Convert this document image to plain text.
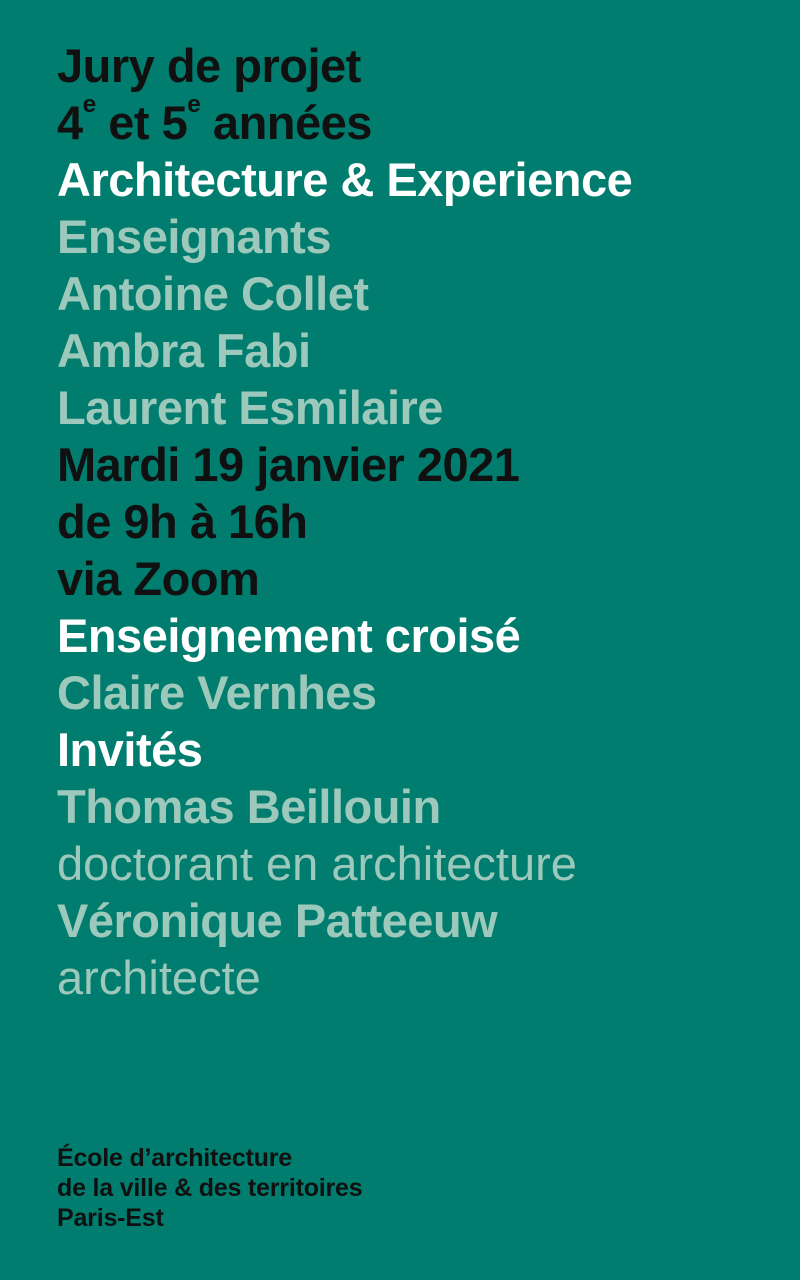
Jury de projet
4e et 5e années
Architecture & Experience
Enseignants
Antoine Collet
Ambra Fabi
Laurent Esmilaire
Mardi 19 janvier 2021
de 9h à 16h
via Zoom
Enseignement croisé
Claire Vernhes
Invités
Thomas Beillouin
doctorant en architecture
Véronique Patteeuw
architecte
École d’architecture
de la ville & des territoires
Paris-Est
